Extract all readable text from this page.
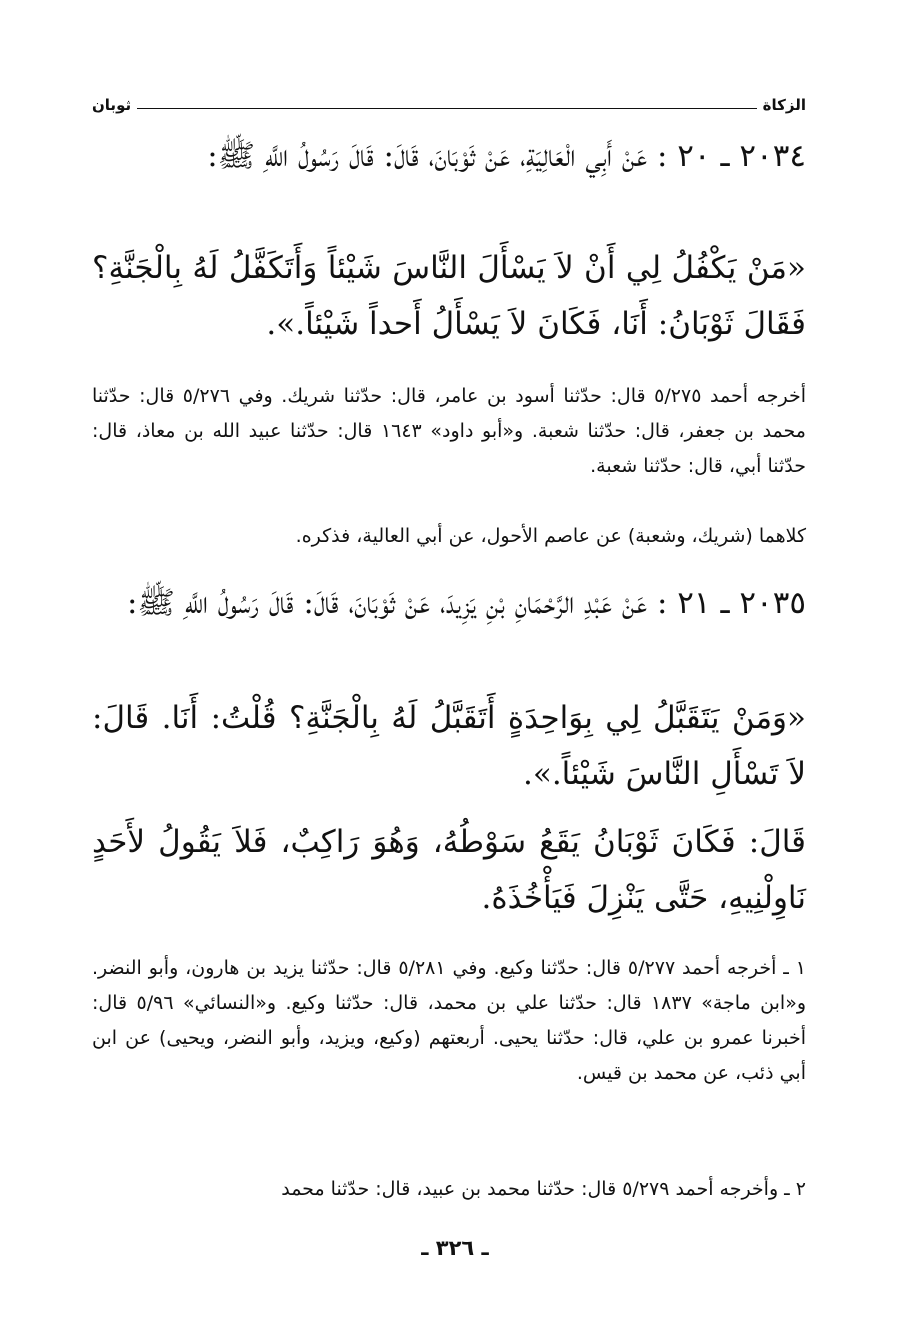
الزكاة
ثوبان

٢٠٣٤ ـ ٢٠ : عَنْ أَبِي الْعَالِيَةِ، عَنْ ثَوْبَانَ، قَالَ: قَالَ رَسُولُ اللَّهِ ﷺ:

«مَنْ يَكْفُلُ لِي أَنْ لاَ يَسْأَلَ النَّاسَ شَيْئاً وَأَتَكَفَّلُ لَهُ بِالْجَنَّةِ؟ فَقَالَ ثَوْبَانُ: أَنَا، فَكَانَ لاَ يَسْأَلُ أَحداً شَيْئاً.».

أخرجه أحمد ٥/٢٧٥ قال: حدّثنا أسود بن عامر، قال: حدّثنا شريك. وفي ٥/٢٧٦ قال: حدّثنا محمد بن جعفر، قال: حدّثنا شعبة. و«أبو داود» ١٦٤٣ قال: حدّثنا عبيد الله بن معاذ، قال: حدّثنا أبي، قال: حدّثنا شعبة.

كلاهما (شريك، وشعبة) عن عاصم الأحول، عن أبي العالية، فذكره.

٢٠٣٥ ـ ٢١ : عَنْ عَبْدِ الرَّحْمَانِ بْنِ يَزِيدَ، عَنْ ثَوْبَانَ، قَالَ: قَالَ رَسُولُ اللَّهِ ﷺ:

«وَمَنْ يَتَقَبَّلُ لِي بِوَاحِدَةٍ أَتَقَبَّلُ لَهُ بِالْجَنَّةِ؟ قُلْتُ: أَنَا. قَالَ: لاَ تَسْأَلِ النَّاسَ شَيْئاً.».

قَالَ: فَكَانَ ثَوْبَانُ يَقَعُ سَوْطُهُ، وَهُوَ رَاكِبٌ، فَلاَ يَقُولُ لأَحَدٍ نَاوِلْنِيهِ، حَتَّى يَنْزِلَ فَيَأْخُذَهُ.

١ ـ أخرجه أحمد ٥/٢٧٧ قال: حدّثنا وكيع. وفي ٥/٢٨١ قال: حدّثنا يزيد بن هارون، وأبو النضر. و«ابن ماجة» ١٨٣٧ قال: حدّثنا علي بن محمد، قال: حدّثنا وكيع. و«النسائي» ٥/٩٦ قال: أخبرنا عمرو بن علي، قال: حدّثنا يحيى. أربعتهم (وكيع، ويزيد، وأبو النضر، ويحيى) عن ابن أبي ذئب، عن محمد بن قيس.

٢ ـ وأخرجه أحمد ٥/٢٧٩ قال: حدّثنا محمد بن عبيد، قال: حدّثنا محمد

ـ ٣٢٦ ـ
